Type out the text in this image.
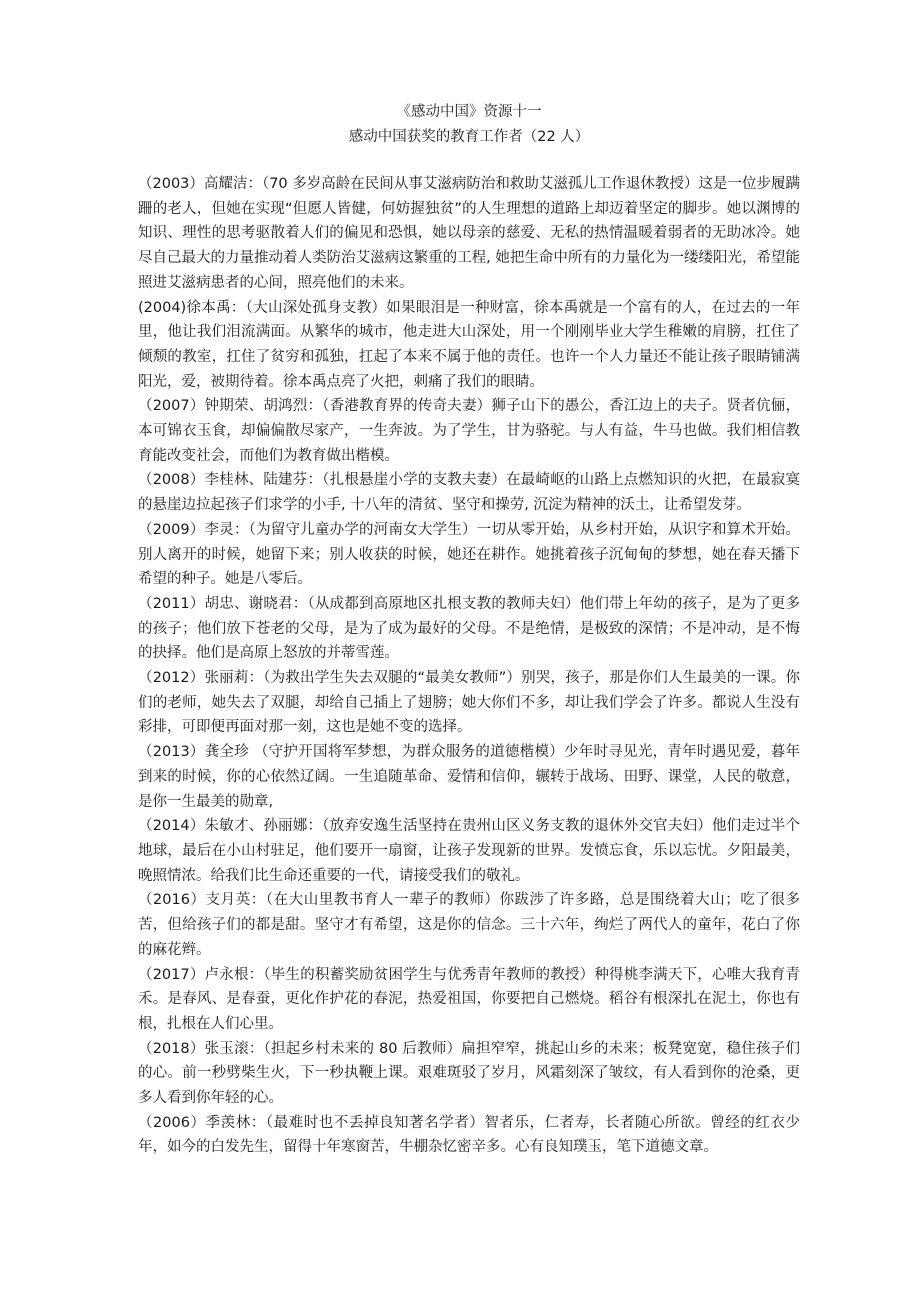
《感动中国》资源十一

感动中国获奖的教育工作者（22 人）

（2003）高耀洁：（70 多岁高龄在民间从事艾滋病防治和救助艾滋孤儿工作退休教授）这是一位步履蹒跚的老人，但她在实现“但愿人皆健，何妨握独贫”的人生理想的道路上却迈着坚定的脚步。她以渊博的知识、理性的思考驱散着人们的偏见和恐惧，她以母亲的慈爱、无私的热情温暖着弱者的无助冰冷。她尽自己最大的力量推动着人类防治艾滋病这繁重的工程, 她把生命中所有的力量化为一缕缕阳光，希望能照进艾滋病患者的心间，照亮他们的未来。

(2004)徐本禹：（大山深处孤身支教）如果眼泪是一种财富，徐本禹就是一个富有的人，在过去的一年里，他让我们泪流满面。从繁华的城市，他走进大山深处，用一个刚刚毕业大学生稚嫩的肩膀，扛住了倾颓的教室，扛住了贫穷和孤独，扛起了本来不属于他的责任。也许一个人力量还不能让孩子眼睛铺满阳光，爱，被期待着。徐本禹点亮了火把，刺痛了我们的眼睛。

（2007）钟期荣、胡鸿烈：（香港教育界的传奇夫妻）狮子山下的愚公，香江边上的夫子。贤者伉俪，本可锦衣玉食，却偏偏散尽家产，一生奔波。为了学生，甘为骆驼。与人有益，牛马也做。我们相信教育能改变社会，而他们为教育做出楷模。

（2008）李桂林、陆建芬：（扎根悬崖小学的支教夫妻）在最崎岖的山路上点燃知识的火把，在最寂寞的悬崖边拉起孩子们求学的小手, 十八年的清贫、坚守和操劳, 沉淀为精神的沃土，让希望发芽。

（2009）李灵：（为留守儿童办学的河南女大学生）一切从零开始，从乡村开始，从识字和算术开始。别人离开的时候，她留下来；别人收获的时候，她还在耕作。她挑着孩子沉甸甸的梦想，她在春天播下希望的种子。她是八零后。

（2011）胡忠、谢晓君：（从成都到高原地区扎根支教的教师夫妇）他们带上年幼的孩子，是为了更多的孩子；他们放下苍老的父母，是为了成为最好的父母。不是绝情，是极致的深情；不是冲动，是不悔的抉择。他们是高原上怒放的并蒂雪莲。

（2012）张丽莉：（为救出学生失去双腿的“最美女教师”）别哭，孩子，那是你们人生最美的一课。你们的老师，她失去了双腿，却给自己插上了翅膀；她大你们不多，却让我们学会了许多。都说人生没有彩排，可即便再面对那一刻，这也是她不变的选择。

（2013）龚全珍 （守护开国将军梦想，为群众服务的道德楷模）少年时寻见光，青年时遇见爱，暮年到来的时候，你的心依然辽阔。一生追随革命、爱情和信仰，辗转于战场、田野、课堂，人民的敬意，是你一生最美的勋章,

（2014）朱敏才、孙丽娜：（放弃安逸生活坚持在贵州山区义务支教的退休外交官夫妇）他们走过半个地球，最后在小山村驻足，他们要开一扇窗，让孩子发现新的世界。发愤忘食，乐以忘忧。夕阳最美，晚照情浓。给我们比生命还重要的一代，请接受我们的敬礼。

（2016）支月英：（在大山里教书育人一辈子的教师）你跋涉了许多路，总是围绕着大山；吃了很多苦，但给孩子们的都是甜。坚守才有希望，这是你的信念。三十六年，绚烂了两代人的童年，花白了你的麻花辫。

（2017）卢永根：（毕生的积蓄奖励贫困学生与优秀青年教师的教授）种得桃李满天下，心唯大我育青禾。是春风、是春蚕，更化作护花的春泥，热爱祖国，你要把自己燃烧。稻谷有根深扎在泥土，你也有根，扎根在人们心里。

（2018）张玉滚：（担起乡村未来的 80 后教师）扁担窄窄，挑起山乡的未来；板凳宽宽，稳住孩子们的心。前一秒劈柴生火，下一秒执鞭上课。艰难斑驳了岁月，风霜刻深了皱纹，有人看到你的沧桑，更多人看到你年轻的心。

（2006）季羡林：（最难时也不丢掉良知著名学者）智者乐，仁者寿，长者随心所欲。曾经的红衣少年，如今的白发先生，留得十年寒窗苦，牛棚杂忆密辛多。心有良知璞玉，笔下道德文章。
